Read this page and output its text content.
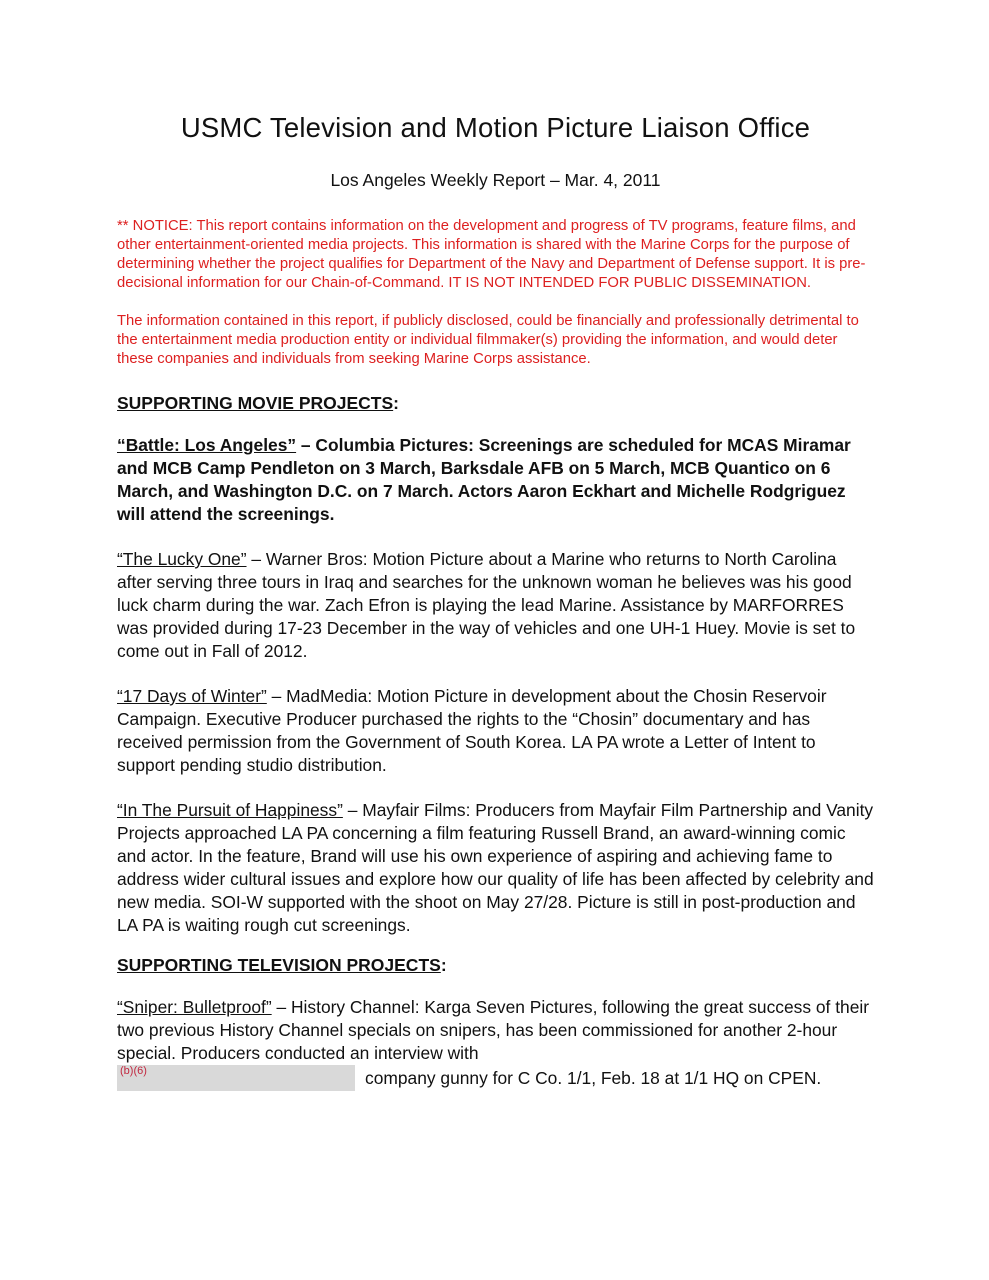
USMC Television and Motion Picture Liaison Office

Los Angeles Weekly Report – Mar. 4, 2011

** NOTICE: This report contains information on the development and progress of TV programs, feature films, and other entertainment-oriented media projects. This information is shared with the Marine Corps for the purpose of determining whether the project qualifies for Department of the Navy and Department of Defense support. It is pre-decisional information for our Chain-of-Command. IT IS NOT INTENDED FOR PUBLIC DISSEMINATION.

The information contained in this report, if publicly disclosed, could be financially and professionally detrimental to the entertainment media production entity or individual filmmaker(s) providing the information, and would deter these companies and individuals from seeking Marine Corps assistance.

SUPPORTING MOVIE PROJECTS:

“Battle: Los Angeles” – Columbia Pictures: Screenings are scheduled for MCAS Miramar and MCB Camp Pendleton on 3 March, Barksdale AFB on 5 March, MCB Quantico on 6 March, and Washington D.C. on 7 March. Actors Aaron Eckhart and Michelle Rodgriguez will attend the screenings.

“The Lucky One” – Warner Bros: Motion Picture about a Marine who returns to North Carolina after serving three tours in Iraq and searches for the unknown woman he believes was his good luck charm during the war. Zach Efron is playing the lead Marine. Assistance by MARFORRES was provided during 17-23 December in the way of vehicles and one UH-1 Huey. Movie is set to come out in Fall of 2012.

“17 Days of Winter” – MadMedia: Motion Picture in development about the Chosin Reservoir Campaign. Executive Producer purchased the rights to the “Chosin” documentary and has received permission from the Government of South Korea. LA PA wrote a Letter of Intent to support pending studio distribution.

“In The Pursuit of Happiness” – Mayfair Films: Producers from Mayfair Film Partnership and Vanity Projects approached LA PA concerning a film featuring Russell Brand, an award-winning comic and actor. In the feature, Brand will use his own experience of aspiring and achieving fame to address wider cultural issues and explore how our quality of life has been affected by celebrity and new media. SOI-W supported with the shoot on May 27/28. Picture is still in post-production and LA PA is waiting rough cut screenings.

SUPPORTING TELEVISION PROJECTS:

“Sniper: Bulletproof” – History Channel: Karga Seven Pictures, following the great success of their two previous History Channel specials on snipers, has been commissioned for another 2-hour special. Producers conducted an interview with

(b)(6)	company gunny for C Co. 1/1, Feb. 18 at 1/1 HQ on CPEN.
